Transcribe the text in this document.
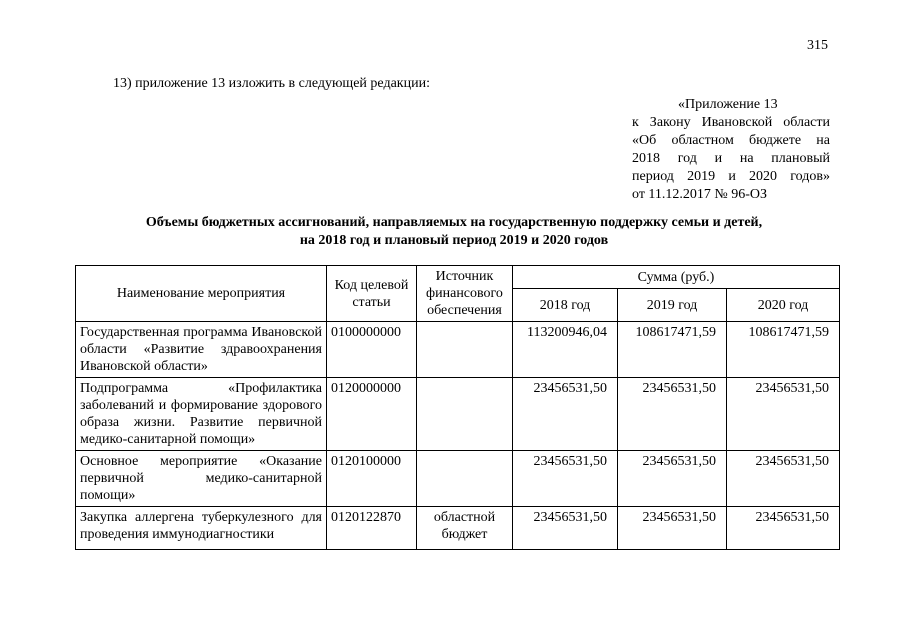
315
13) приложение 13 изложить в следующей редакции:
«Приложение 13
к Закону Ивановской области
«Об областном бюджете на
2018 год и на плановый
период 2019 и 2020 годов»
от 11.12.2017 № 96-ОЗ
Объемы бюджетных ассигнований, направляемых на государственную поддержку семьи и детей,
на 2018 год и плановый период 2019 и 2020 годов
Наименование мероприятия	Код целевой статьи	Источник финансового обеспечения	Сумма (руб.)		
			2018 год	2019 год	2020 год
Государственная программа Ивановской области «Развитие здравоохранения Ивановской области»	0100000000		113200946,04	108617471,59	108617471,59
Подпрограмма «Профилактика заболеваний и формирование здорового образа жизни. Развитие первичной медико-санитарной помощи»	0120000000		23456531,50	23456531,50	23456531,50
Основное мероприятие «Оказание первичной медико-санитарной помощи»	0120100000		23456531,50	23456531,50	23456531,50
Закупка аллергена туберкулезного для проведения иммунодиагностики	0120122870	областной бюджет	23456531,50	23456531,50	23456531,50
